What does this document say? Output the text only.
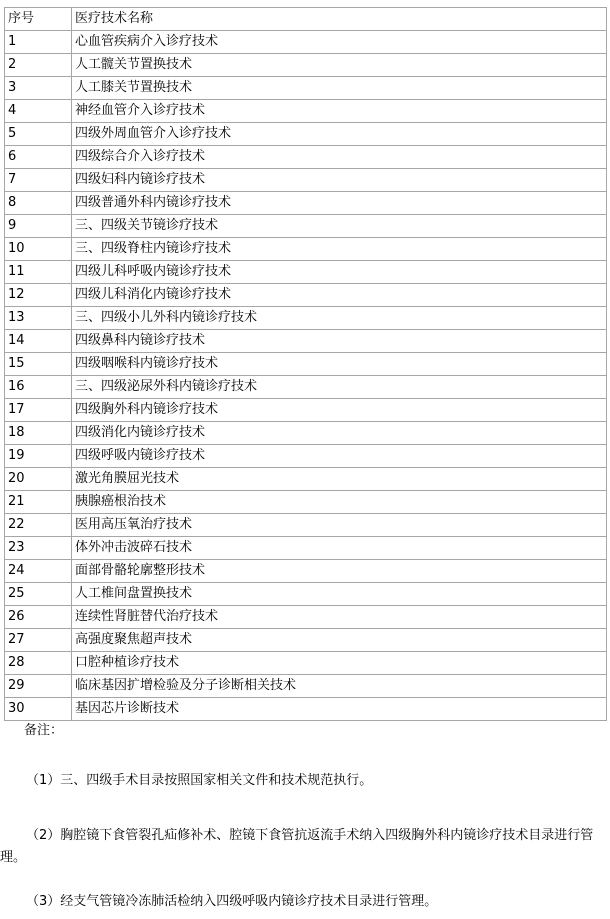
序号	医疗技术名称
1	心血管疾病介入诊疗技术
2	人工髋关节置换技术
3	人工膝关节置换技术
4	神经血管介入诊疗技术
5	四级外周血管介入诊疗技术
6	四级综合介入诊疗技术
7	四级妇科内镜诊疗技术
8	四级普通外科内镜诊疗技术
9	三、四级关节镜诊疗技术
10	三、四级脊柱内镜诊疗技术
11	四级儿科呼吸内镜诊疗技术
12	四级儿科消化内镜诊疗技术
13	三、四级小儿外科内镜诊疗技术
14	四级鼻科内镜诊疗技术
15	四级咽喉科内镜诊疗技术
16	三、四级泌尿外科内镜诊疗技术
17	四级胸外科内镜诊疗技术
18	四级消化内镜诊疗技术
19	四级呼吸内镜诊疗技术
20	激光角膜屈光技术
21	胰腺癌根治技术
22	医用高压氧治疗技术
23	体外冲击波碎石技术
24	面部骨骼轮廓整形技术
25	人工椎间盘置换技术
26	连续性肾脏替代治疗技术
27	高强度聚焦超声技术
28	口腔种植诊疗技术
29	临床基因扩增检验及分子诊断相关技术
30	基因芯片诊断技术
备注：
（1）三、四级手术目录按照国家相关文件和技术规范执行。
（2）胸腔镜下食管裂孔疝修补术、腔镜下食管抗返流手术纳入四级胸外科内镜诊疗技术目录进行管理。
（3）经支气管镜冷冻肺活检纳入四级呼吸内镜诊疗技术目录进行管理。
